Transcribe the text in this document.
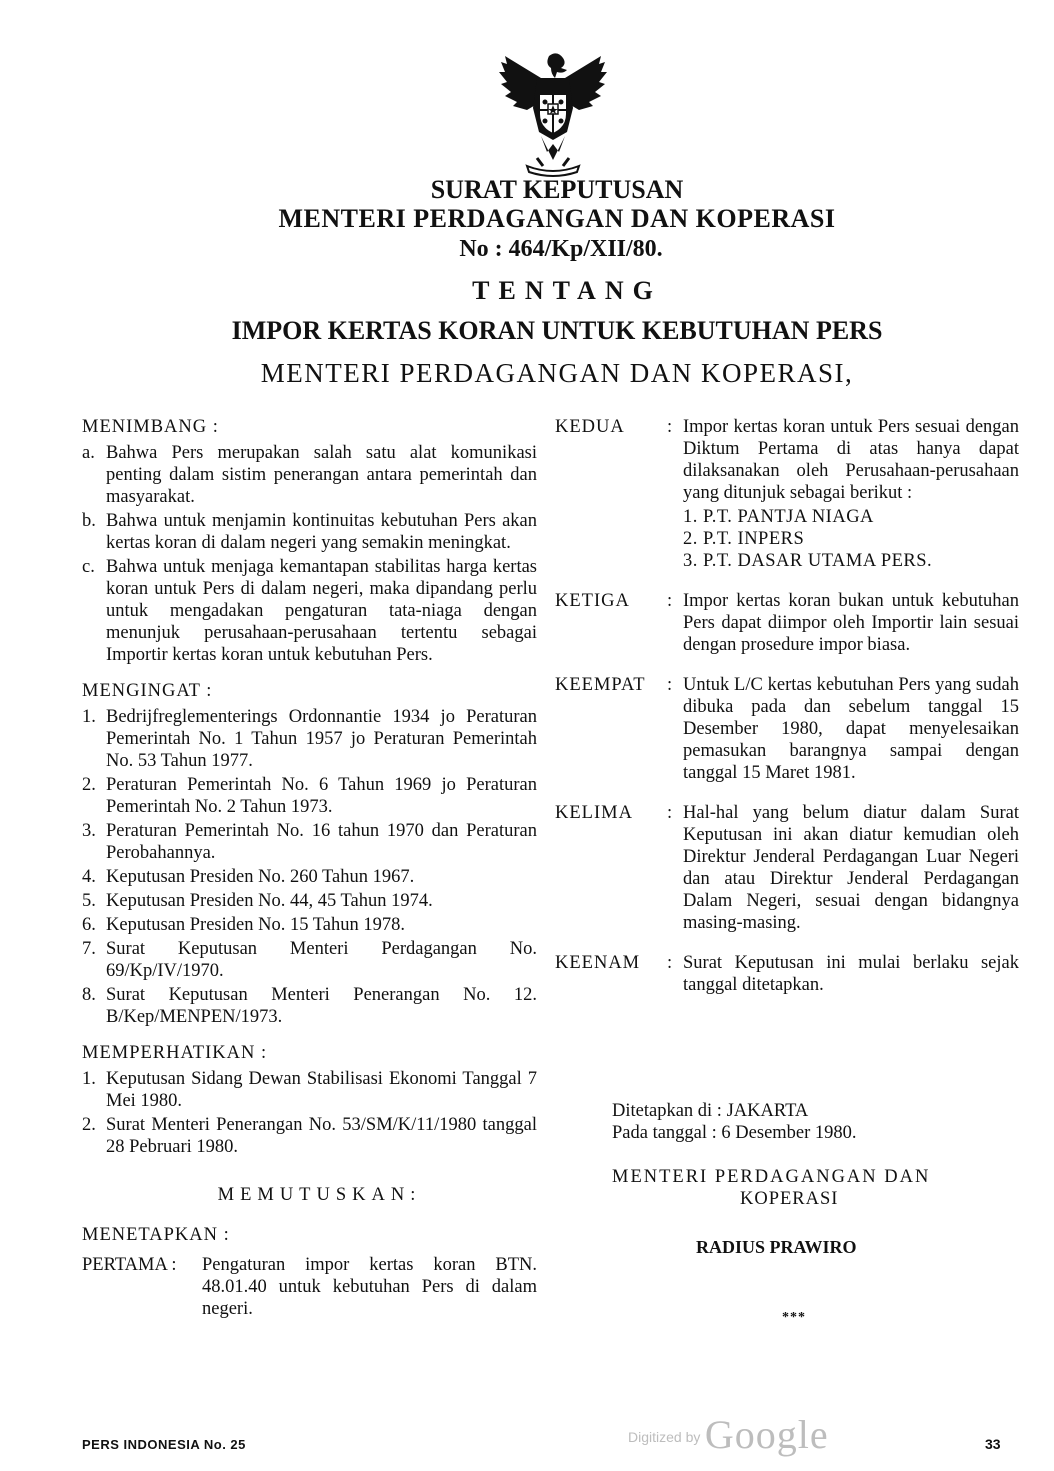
SURAT KEPUTUSAN
MENTERI PERDAGANGAN DAN KOPERASI
No : 464/Kp/XII/80.
TENTANG
IMPOR KERTAS KORAN UNTUK KEBUTUHAN PERS
MENTERI PERDAGANGAN DAN KOPERASI,
MENIMBANG :
a. Bahwa Pers merupakan salah satu alat komunikasi penting dalam sistim penerangan antara pemerintah dan masyarakat.
b. Bahwa untuk menjamin kontinuitas kebutuhan Pers akan kertas koran di dalam negeri yang semakin meningkat.
c. Bahwa untuk menjaga kemantapan stabilitas harga kertas koran untuk Pers di dalam negeri, maka dipandang perlu untuk mengadakan pengaturan tata-niaga dengan menunjuk perusahaan-perusahaan tertentu sebagai Importir kertas koran untuk kebutuhan Pers.
MENGINGAT :
1. Bedrijfreglementerings Ordonnantie 1934 jo Peraturan Pemerintah No. 1 Tahun 1957 jo Peraturan Pemerintah No. 53 Tahun 1977.
2. Peraturan Pemerintah No. 6 Tahun 1969 jo Peraturan Pemerintah No. 2 Tahun 1973.
3. Peraturan Pemerintah No. 16 tahun 1970 dan Peraturan Perobahannya.
4. Keputusan Presiden No. 260 Tahun 1967.
5. Keputusan Presiden No. 44, 45 Tahun 1974.
6. Keputusan Presiden No. 15 Tahun 1978.
7. Surat Keputusan Menteri Perdagangan No. 69/Kp/IV/1970.
8. Surat Keputusan Menteri Penerangan No. 12. B/Kep/MENPEN/1973.
MEMPERHATIKAN :
1. Keputusan Sidang Dewan Stabilisasi Ekonomi Tanggal 7 Mei 1980.
2. Surat Menteri Penerangan No. 53/SM/K/11/1980 tanggal 28 Pebruari 1980.
MEMUTUSKAN:
MENETAPKAN :
PERTAMA :	Pengaturan impor kertas koran BTN. 48.01.40 untuk kebutuhan Pers di dalam negeri.
KEDUA	: Impor kertas koran untuk Pers sesuai dengan Diktum Pertama di atas hanya dapat dilaksanakan oleh Perusahaan-perusahaan yang ditunjuk sebagai berikut :
1. P.T. PANTJA NIAGA
2. P.T. INPERS
3. P.T. DASAR UTAMA PERS.
KETIGA	: Impor kertas koran bukan untuk kebutuhan Pers dapat diimpor oleh Importir lain sesuai dengan prosedure impor biasa.
KEEMPAT	: Untuk L/C kertas kebutuhan Pers yang sudah dibuka pada dan sebelum tanggal 15 Desember 1980, dapat menyelesaikan pemasukan barangnya sampai dengan tanggal 15 Maret 1981.
KELIMA	: Hal-hal yang belum diatur dalam Surat Keputusan ini akan diatur kemudian oleh Direktur Jenderal Perdagangan Luar Negeri dan atau Direktur Jenderal Perdagangan Dalam Negeri, sesuai dengan bidangnya masing-masing.
KEENAM	: Surat Keputusan ini mulai berlaku sejak tanggal ditetapkan.
Ditetapkan di : JAKARTA
Pada tanggal : 6 Desember 1980.
MENTERI PERDAGANGAN DAN
KOPERASI
RADIUS PRAWIRO
***
PERS INDONESIA No. 25	Digitized by Google	33
